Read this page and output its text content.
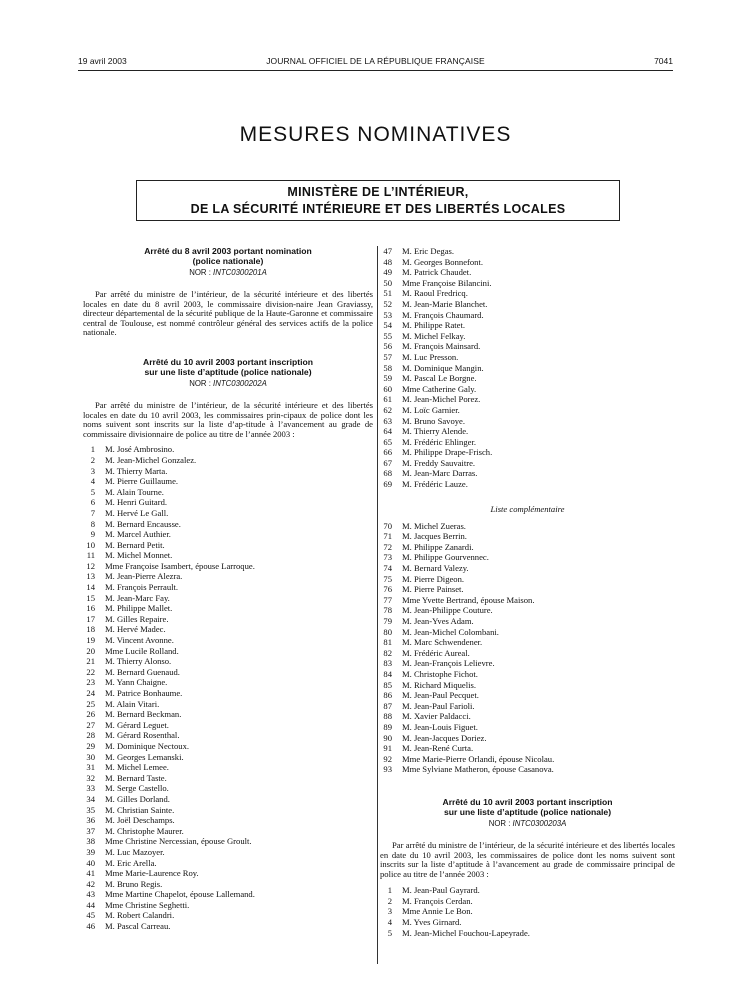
19 avril 2003	JOURNAL OFFICIEL DE LA RÉPUBLIQUE FRANÇAISE	7041
MESURES NOMINATIVES
MINISTÈRE DE L’INTÉRIEUR,
DE LA SÉCURITÉ INTÉRIEURE ET DES LIBERTÉS LOCALES
Arrêté du 8 avril 2003 portant nomination
(police nationale)
NOR : INTC0300201A

Par arrêté du ministre de l’intérieur, de la sécurité intérieure et des libertés locales en date du 8 avril 2003, le commissaire division-naire Jean Graviassy, directeur départemental de la sécurité publique de la Haute-Garonne et commissaire central de Toulouse, est nommé contrôleur général des services actifs de la police nationale.

Arrêté du 10 avril 2003 portant inscription
sur une liste d’aptitude (police nationale)
NOR : INTC0300202A

Par arrêté du ministre de l’intérieur, de la sécurité intérieure et des libertés locales en date du 10 avril 2003, les commissaires prin-cipaux de police dont les noms suivent sont inscrits sur la liste d’ap-titude à l’avancement au grade de commissaire divisionnaire de police au titre de l’année 2003 :

1 M. José Ambrosino.
2 M. Jean-Michel Gonzalez.
3 M. Thierry Marta.
4 M. Pierre Guillaume.
5 M. Alain Tourne.
6 M. Henri Guitard.
7 M. Hervé Le Gall.
8 M. Bernard Encausse.
9 M. Marcel Authier.
10 M. Bernard Petit.
11 M. Michel Monnet.
12 Mme Françoise Isambert, épouse Larroque.
13 M. Jean-Pierre Alezra.
14 M. François Perrault.
15 M. Jean-Marc Fay.
16 M. Philippe Mallet.
17 M. Gilles Repaire.
18 M. Hervé Madec.
19 M. Vincent Avonne.
20 Mme Lucile Rolland.
21 M. Thierry Alonso.
22 M. Bernard Guenaud.
23 M. Yann Chaigne.
24 M. Patrice Bonhaume.
25 M. Alain Vitari.
26 M. Bernard Beckman.
27 M. Gérard Leguet.
28 M. Gérard Rosenthal.
29 M. Dominique Nectoux.
30 M. Georges Lemanski.
31 M. Michel Lemee.
32 M. Bernard Taste.
33 M. Serge Castello.
34 M. Gilles Dorland.
35 M. Christian Sainte.
36 M. Joël Deschamps.
37 M. Christophe Maurer.
38 Mme Christine Nercessian, épouse Groult.
39 M. Luc Mazoyer.
40 M. Eric Arella.
41 Mme Marie-Laurence Roy.
42 M. Bruno Regis.
43 Mme Martine Chapelot, épouse Lallemand.
44 Mme Christine Seghetti.
45 M. Robert Calandri.
46 M. Pascal Carreau.
47 M. Eric Degas.
48 M. Georges Bonnefont.
49 M. Patrick Chaudet.
50 Mme Françoise Bilancini.
51 M. Raoul Fredricq.
52 M. Jean-Marie Blanchet.
53 M. François Chaumard.
54 M. Philippe Ratet.
55 M. Michel Felkay.
56 M. François Mainsard.
57 M. Luc Presson.
58 M. Dominique Mangin.
59 M. Pascal Le Borgne.
60 Mme Catherine Galy.
61 M. Jean-Michel Porez.
62 M. Loïc Garnier.
63 M. Bruno Savoye.
64 M. Thierry Alende.
65 M. Frédéric Ehlinger.
66 M. Philippe Drape-Frisch.
67 M. Freddy Sauvaitre.
68 M. Jean-Marc Darras.
69 M. Frédéric Lauze.
Liste complémentaire
70 M. Michel Zueras.
71 M. Jacques Berrin.
72 M. Philippe Zanardi.
73 M. Philippe Gourvennec.
74 M. Bernard Valezy.
75 M. Pierre Digeon.
76 M. Pierre Painset.
77 Mme Yvette Bertrand, épouse Maison.
78 M. Jean-Philippe Couture.
79 M. Jean-Yves Adam.
80 M. Jean-Michel Colombani.
81 M. Marc Schwendener.
82 M. Frédéric Aureal.
83 M. Jean-François Lelievre.
84 M. Christophe Fichot.
85 M. Richard Miquelis.
86 M. Jean-Paul Pecquet.
87 M. Jean-Paul Farioli.
88 M. Xavier Paldacci.
89 M. Jean-Louis Figuet.
90 M. Jean-Jacques Doriez.
91 M. Jean-René Curta.
92 Mme Marie-Pierre Orlandi, épouse Nicolau.
93 Mme Sylviane Matheron, épouse Casanova.
Arrêté du 10 avril 2003 portant inscription
sur une liste d’aptitude (police nationale)
NOR : INTC0300203A

Par arrêté du ministre de l’intérieur, de la sécurité intérieure et des libertés locales en date du 10 avril 2003, les commissaires de police dont les noms suivent sont inscrits sur la liste d’aptitude à l’avancement au grade de commissaire principal de police au titre de l’année 2003 :

1 M. Jean-Paul Gayrard.
2 M. François Cerdan.
3 Mme Annie Le Bon.
4 M. Yves Girnard.
5 M. Jean-Michel Fouchou-Lapeyrade.
